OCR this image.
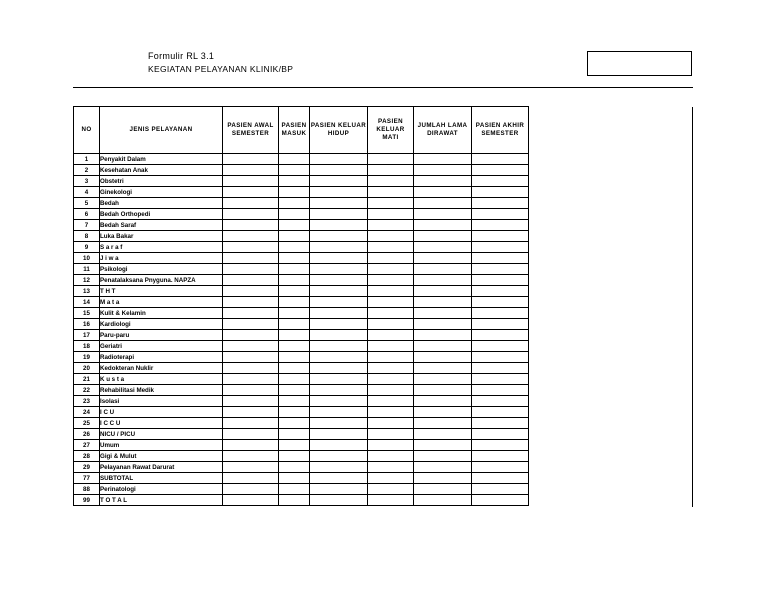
Formulir RL 3.1
KEGIATAN PELAYANAN KLINIK/BP
NO	JENIS PELAYANAN	PASIEN AWAL SEMESTER	PASIEN MASUK	PASIEN KELUAR HIDUP	PASIEN KELUAR MATI	JUMLAH LAMA DIRAWAT	PASIEN AKHIR SEMESTER
1	Penyakit Dalam						
2	Kesehatan Anak						
3	Obstetri						
4	Ginekologi						
5	Bedah						
6	Bedah Orthopedi						
7	Bedah Saraf						
8	Luka Bakar						
9	S a r a f						
10	J i w a						
11	Psikologi						
12	Penatalaksana Pnyguna. NAPZA						
13	T H T						
14	M a t a						
15	Kulit & Kelamin						
16	Kardiologi						
17	Paru-paru						
18	Geriatri						
19	Radioterapi						
20	Kedokteran Nuklir						
21	K u s t a						
22	Rehabilitasi Medik						
23	Isolasi						
24	I C U						
25	I C C U						
26	NICU / PICU						
27	Umum						
28	Gigi & Mulut						
29	Pelayanan Rawat Darurat						
77	SUBTOTAL						
88	Perinatologi						
99	T O T A L						
